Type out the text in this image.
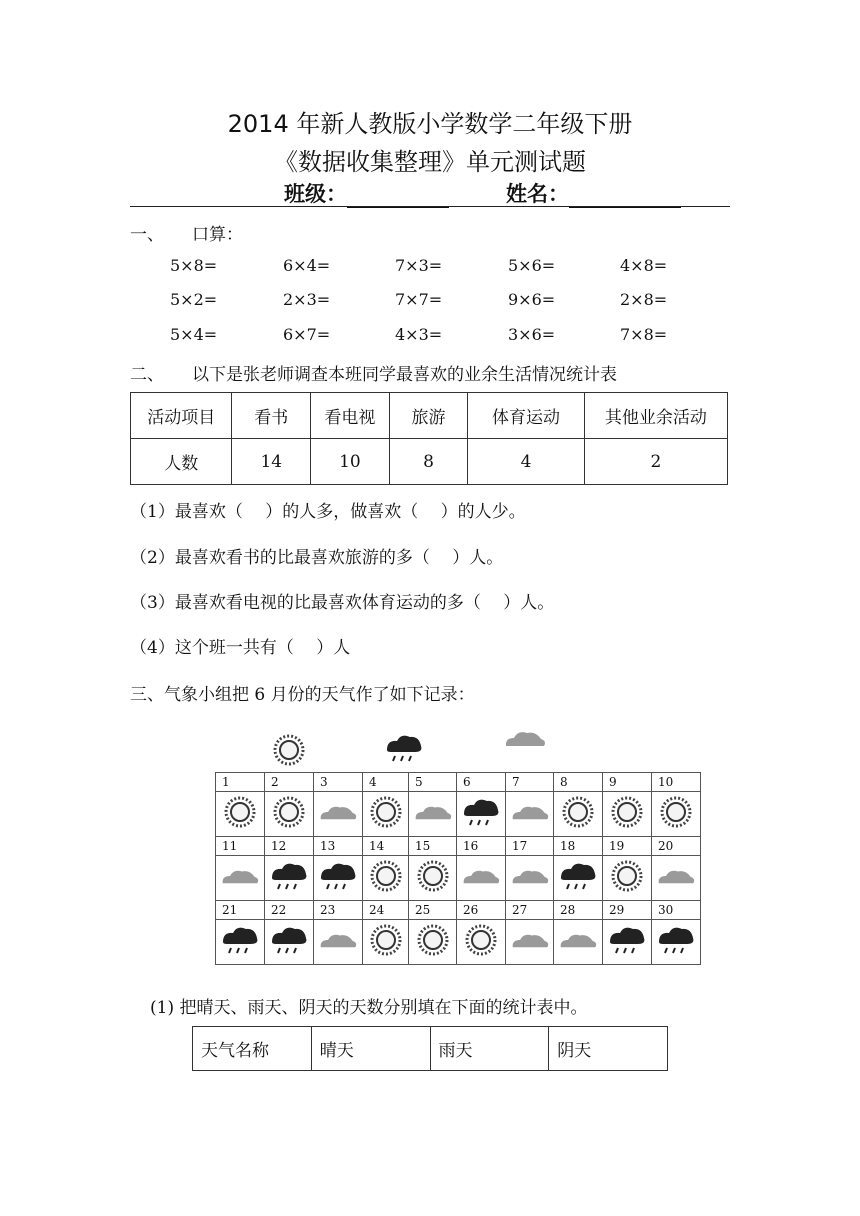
2014 年新人教版小学数学二年级下册
《数据收集整理》单元测试题
班级：	姓名：
一、 口算：
5×8=	6×4=	7×3=	5×6=	4×8=
5×2=	2×3=	7×7=	9×6=	2×8=
5×4=	6×7=	4×3=	3×6=	7×8=
二、 以下是张老师调查本班同学最喜欢的业余生活情况统计表
活动项目	看书	看电视	旅游	体育运动	其他业余活动
人数	14	10	8	4	2
（1）最喜欢（　 ）的人多，做喜欢（　 ）的人少。
（2）最喜欢看书的比最喜欢旅游的多（　 ）人。
（3）最喜欢看电视的比最喜欢体育运动的多（　 ）人。
（4）这个班一共有（　 ）人
三、气象小组把 6 月份的天气作了如下记录：
1	2	3	4	5	6	7	8	9	10

11	12	13	14	15	16	17	18	19	20

21	22	23	24	25	26	27	28	29	30

(1) 把晴天、雨天、阴天的天数分别填在下面的统计表中。
天气名称	晴天	雨天	阴天
